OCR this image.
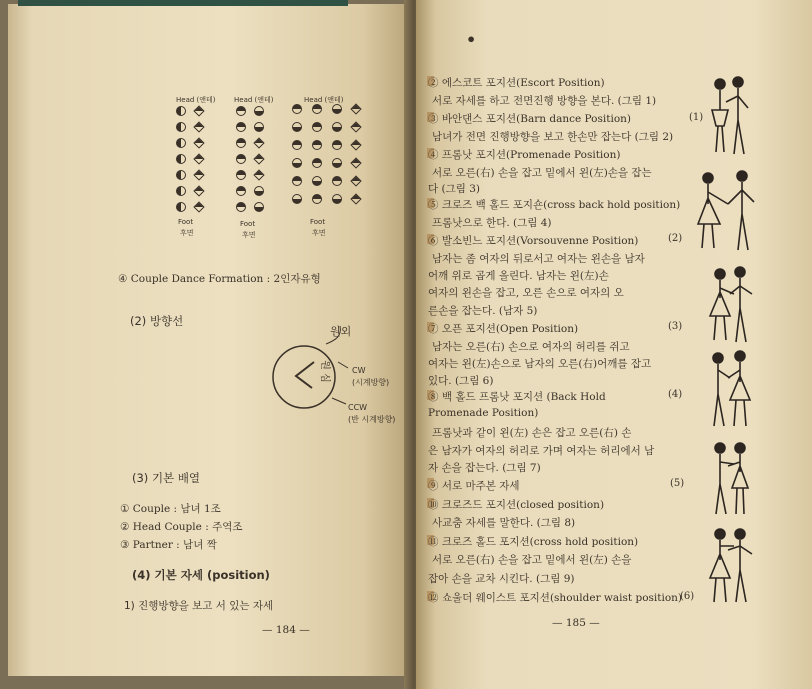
Head (앤테)	Head (앤테)	Head (앤테)
Foot
후면
Foot
후면
Foot
후면
④ Couple Dance Formation : 2인자유형
(2) 방향선
원외
원 심	CW
(시계방향)
CCW
(반 시계방향)
(3) 기본 배열
① Couple : 남녀 1조
② Head Couple : 주역조
③ Partner : 남녀 짝
(4) 기본 자세 (position)
1) 진행방향을 보고 서 있는 자세
— 184 —
•
② 에스코트 포지션(Escort Position)
서로 자세를 하고 전면진행 방향을 본다. (그림 1)
③ 바안댄스 포지션(Barn dance Position)
남녀가 전면 진행방향을 보고 한손만 잡는다 (그림 2)
④ 프롬낫 포지션(Promenade Position)
서로 오른(右) 손을 잡고 밑에서 왼(左)손을 잡는
다 (그림 3)
⑤ 크로즈 백 홀드 포지숀(cross back hold position)
프롬낫으로 한다. (그림 4)
⑥ 발소빈느 포지션(Vorsouvenne Position)
남자는 좀 여자의 뒤로서고 여자는 왼손을 남자
어깨 위로 곱게 올린다. 남자는 왼(左)손
여자의 왼손을 잡고, 오른 손으로 여자의 오
른손을 잡는다. (남자 5)
⑦ 오픈 포지션(Open Position)
남자는 오른(右) 손으로 여자의 허리를 쥐고
여자는 왼(左)손으로 남자의 오른(右)어깨를 잡고
있다. (그림 6)
⑧ 백 홀드 프롬낫 포지션 (Back Hold
Promenade Position)
프롬낫과 같이 왼(左) 손은 잡고 오른(右) 손
은 남자가 여자의 허리로 가며 여자는 허리에서 남
자 손을 잡는다. (그림 7)
⑨ 서로 마주본 자세
⑩ 크로즈드 포지션(closed position)
사교춤 자세를 말한다. (그림 8)
⑪ 크로즈 홀드 포지션(cross hold position)
서로 오른(右) 손을 잡고 밑에서 왼(左) 손을
잡아 손을 교차 시킨다. (그림 9)
⑫ 쇼울더 웨이스트 포지션(shoulder waist position)
(1)
(2)
(3)
(4)
(5)
(6)
— 185 —
